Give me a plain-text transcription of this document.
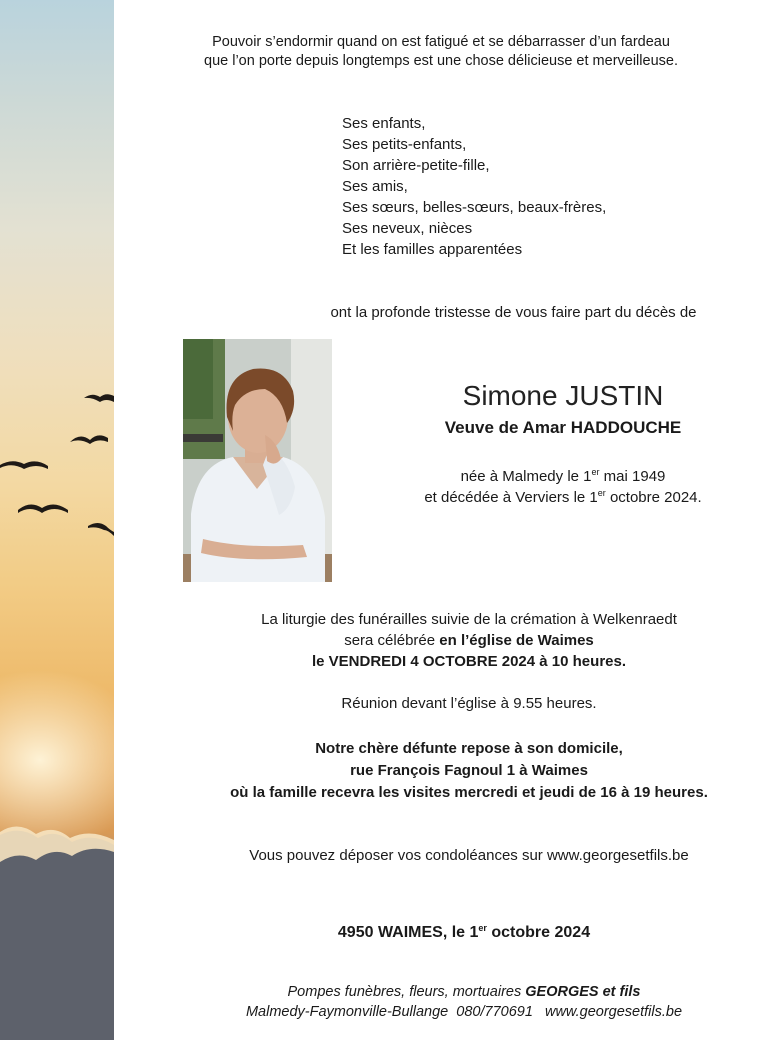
Pouvoir s’endormir quand on est fatigué et se débarrasser d’un fardeau
que l’on porte depuis longtemps est une chose délicieuse et merveilleuse.
Ses enfants,
Ses petits-enfants,
Son arrière-petite-fille,
Ses amis,
Ses sœurs, belles-sœurs, beaux-frères,
Ses neveux, nièces
Et les familles apparentées
ont la profonde tristesse de vous faire part du décès de
Simone JUSTIN
Veuve de Amar HADDOUCHE
née à Malmedy le 1er mai 1949
et décédée à Verviers le 1er octobre 2024.
La liturgie des funérailles suivie de la crémation à Welkenraedt
sera célébrée en l’église de Waimes
le VENDREDI 4 OCTOBRE 2024 à 10 heures.
Réunion devant l’église à 9.55 heures.
Notre chère défunte repose à son domicile,
rue François Fagnoul 1 à Waimes
où la famille recevra les visites mercredi et jeudi de 16 à 19 heures.
Vous pouvez déposer vos condoléances sur www.georgesetfils.be
4950 WAIMES, le 1er octobre 2024
Pompes funèbres, fleurs, mortuaires GEORGES et fils
Malmedy-Faymonville-Bullange  080/770691   www.georgesetfils.be
